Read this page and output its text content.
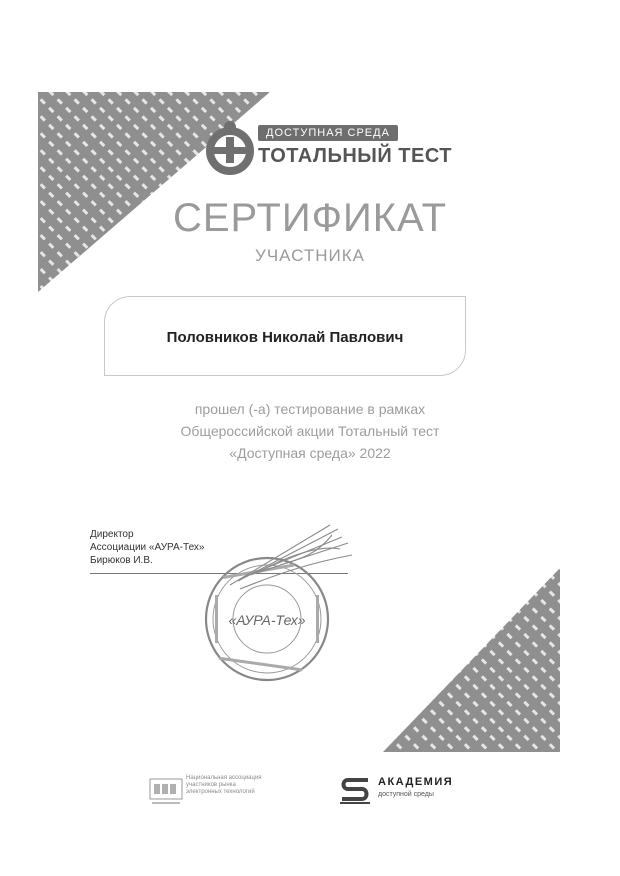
ДОСТУПНАЯ СРЕДА
ТОТАЛЬНЫЙ ТЕСТ
СЕРТИФИКАТ
УЧАСТНИКА
Половников Николай Павлович
прошел (-а) тестирование в рамках
Общероссийской акции Тотальный тест
«Доступная среда» 2022
Директор
Ассоциации «АУРА-Тех»
Бирюков И.В.
«АУРА-Тех»
Национальная ассоциация
участников рынка
электронных технологий
АКАДЕМИЯ
доступной среды
